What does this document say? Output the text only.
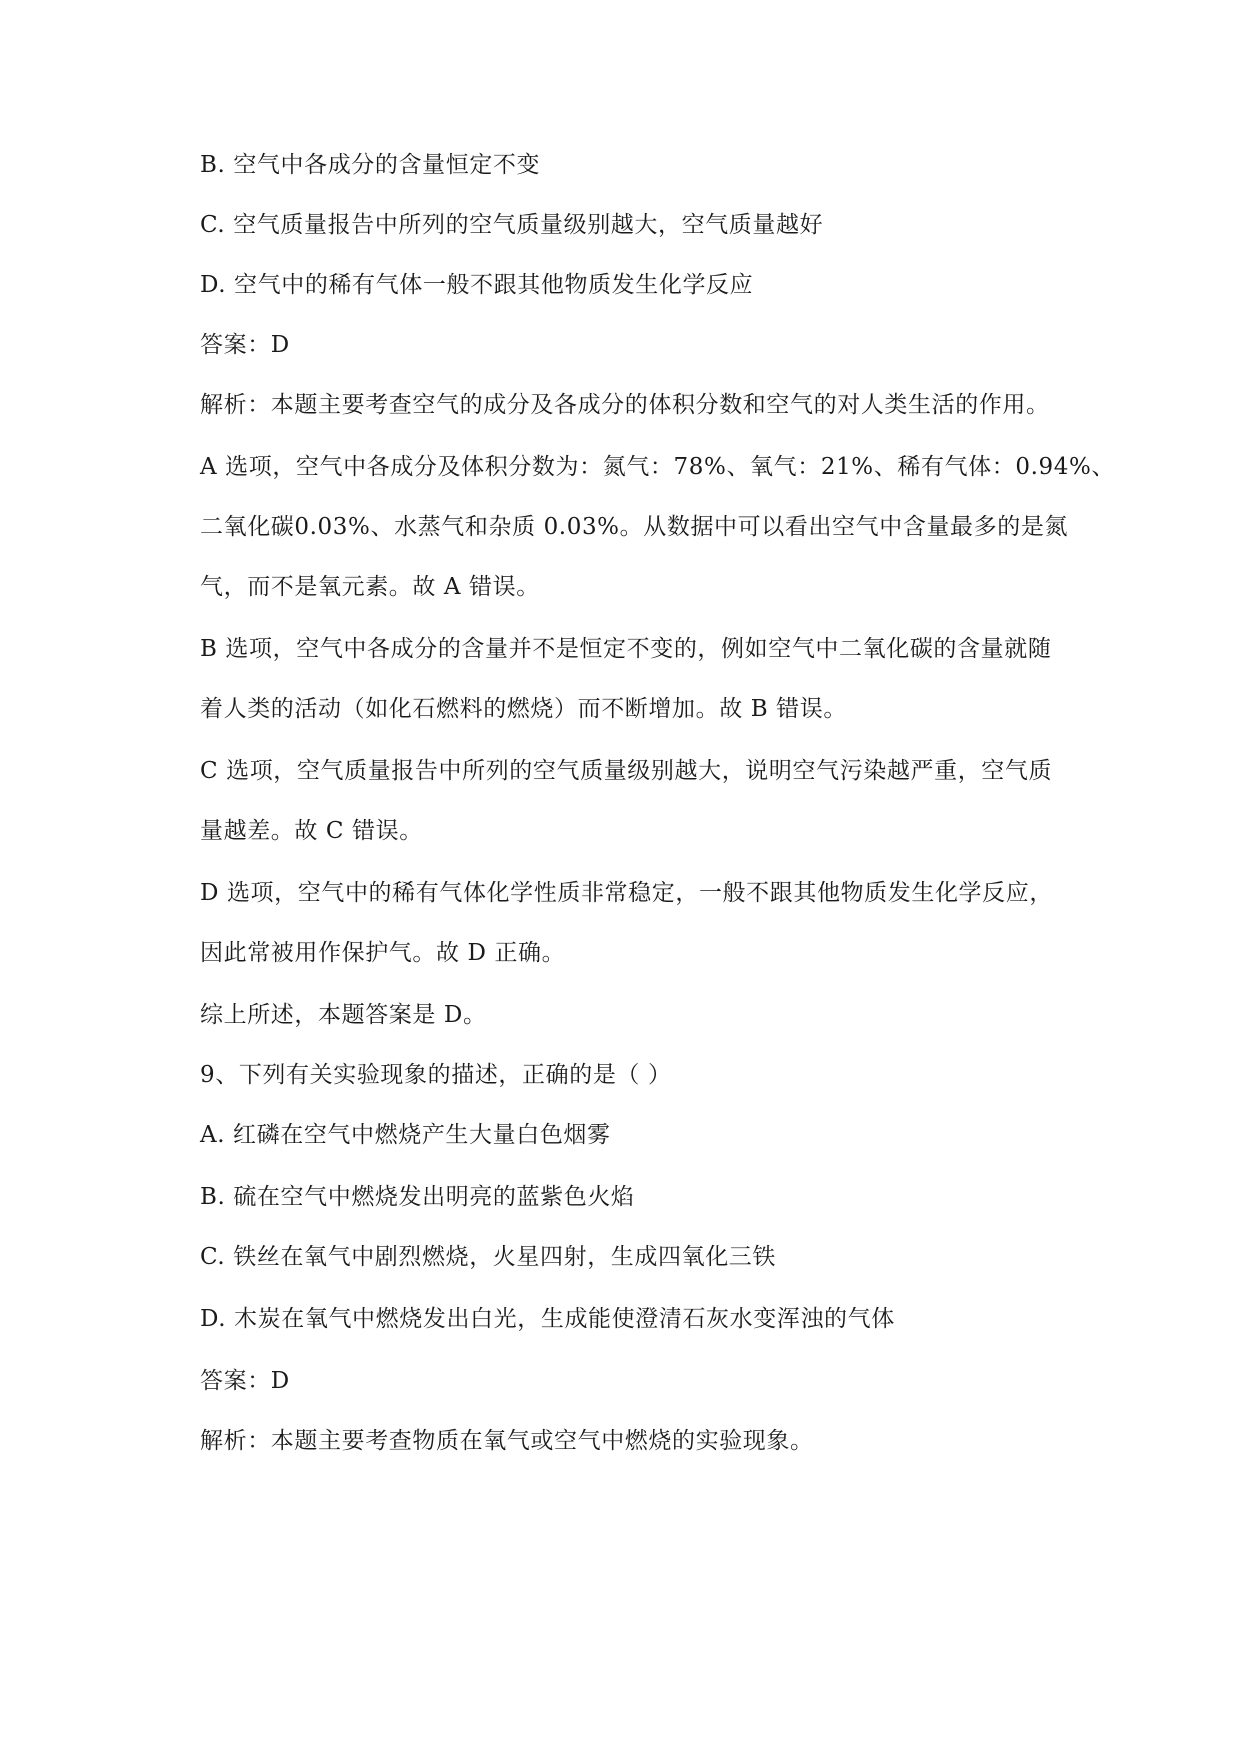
B. 空气中各成分的含量恒定不变
C. 空气质量报告中所列的空气质量级别越大，空气质量越好
D. 空气中的稀有气体一般不跟其他物质发生化学反应
答案：D
解析：本题主要考查空气的成分及各成分的体积分数和空气的对人类生活的作用。
A 选项，空气中各成分及体积分数为：氮气：78%、氧气：21%、稀有气体：0.94%、
二氧化碳0.03%、水蒸气和杂质 0.03%。从数据中可以看出空气中含量最多的是氮
气，而不是氧元素。故 A 错误。
B 选项，空气中各成分的含量并不是恒定不变的，例如空气中二氧化碳的含量就随
着人类的活动（如化石燃料的燃烧）而不断增加。故 B 错误。
C 选项，空气质量报告中所列的空气质量级别越大，说明空气污染越严重，空气质
量越差。故 C 错误。
D 选项，空气中的稀有气体化学性质非常稳定，一般不跟其他物质发生化学反应，
因此常被用作保护气。故 D 正确。
综上所述，本题答案是 D。
9、下列有关实验现象的描述，正确的是（ ）
A. 红磷在空气中燃烧产生大量白色烟雾
B. 硫在空气中燃烧发出明亮的蓝紫色火焰
C. 铁丝在氧气中剧烈燃烧，火星四射，生成四氧化三铁
D. 木炭在氧气中燃烧发出白光，生成能使澄清石灰水变浑浊的气体
答案：D
解析：本题主要考查物质在氧气或空气中燃烧的实验现象。
